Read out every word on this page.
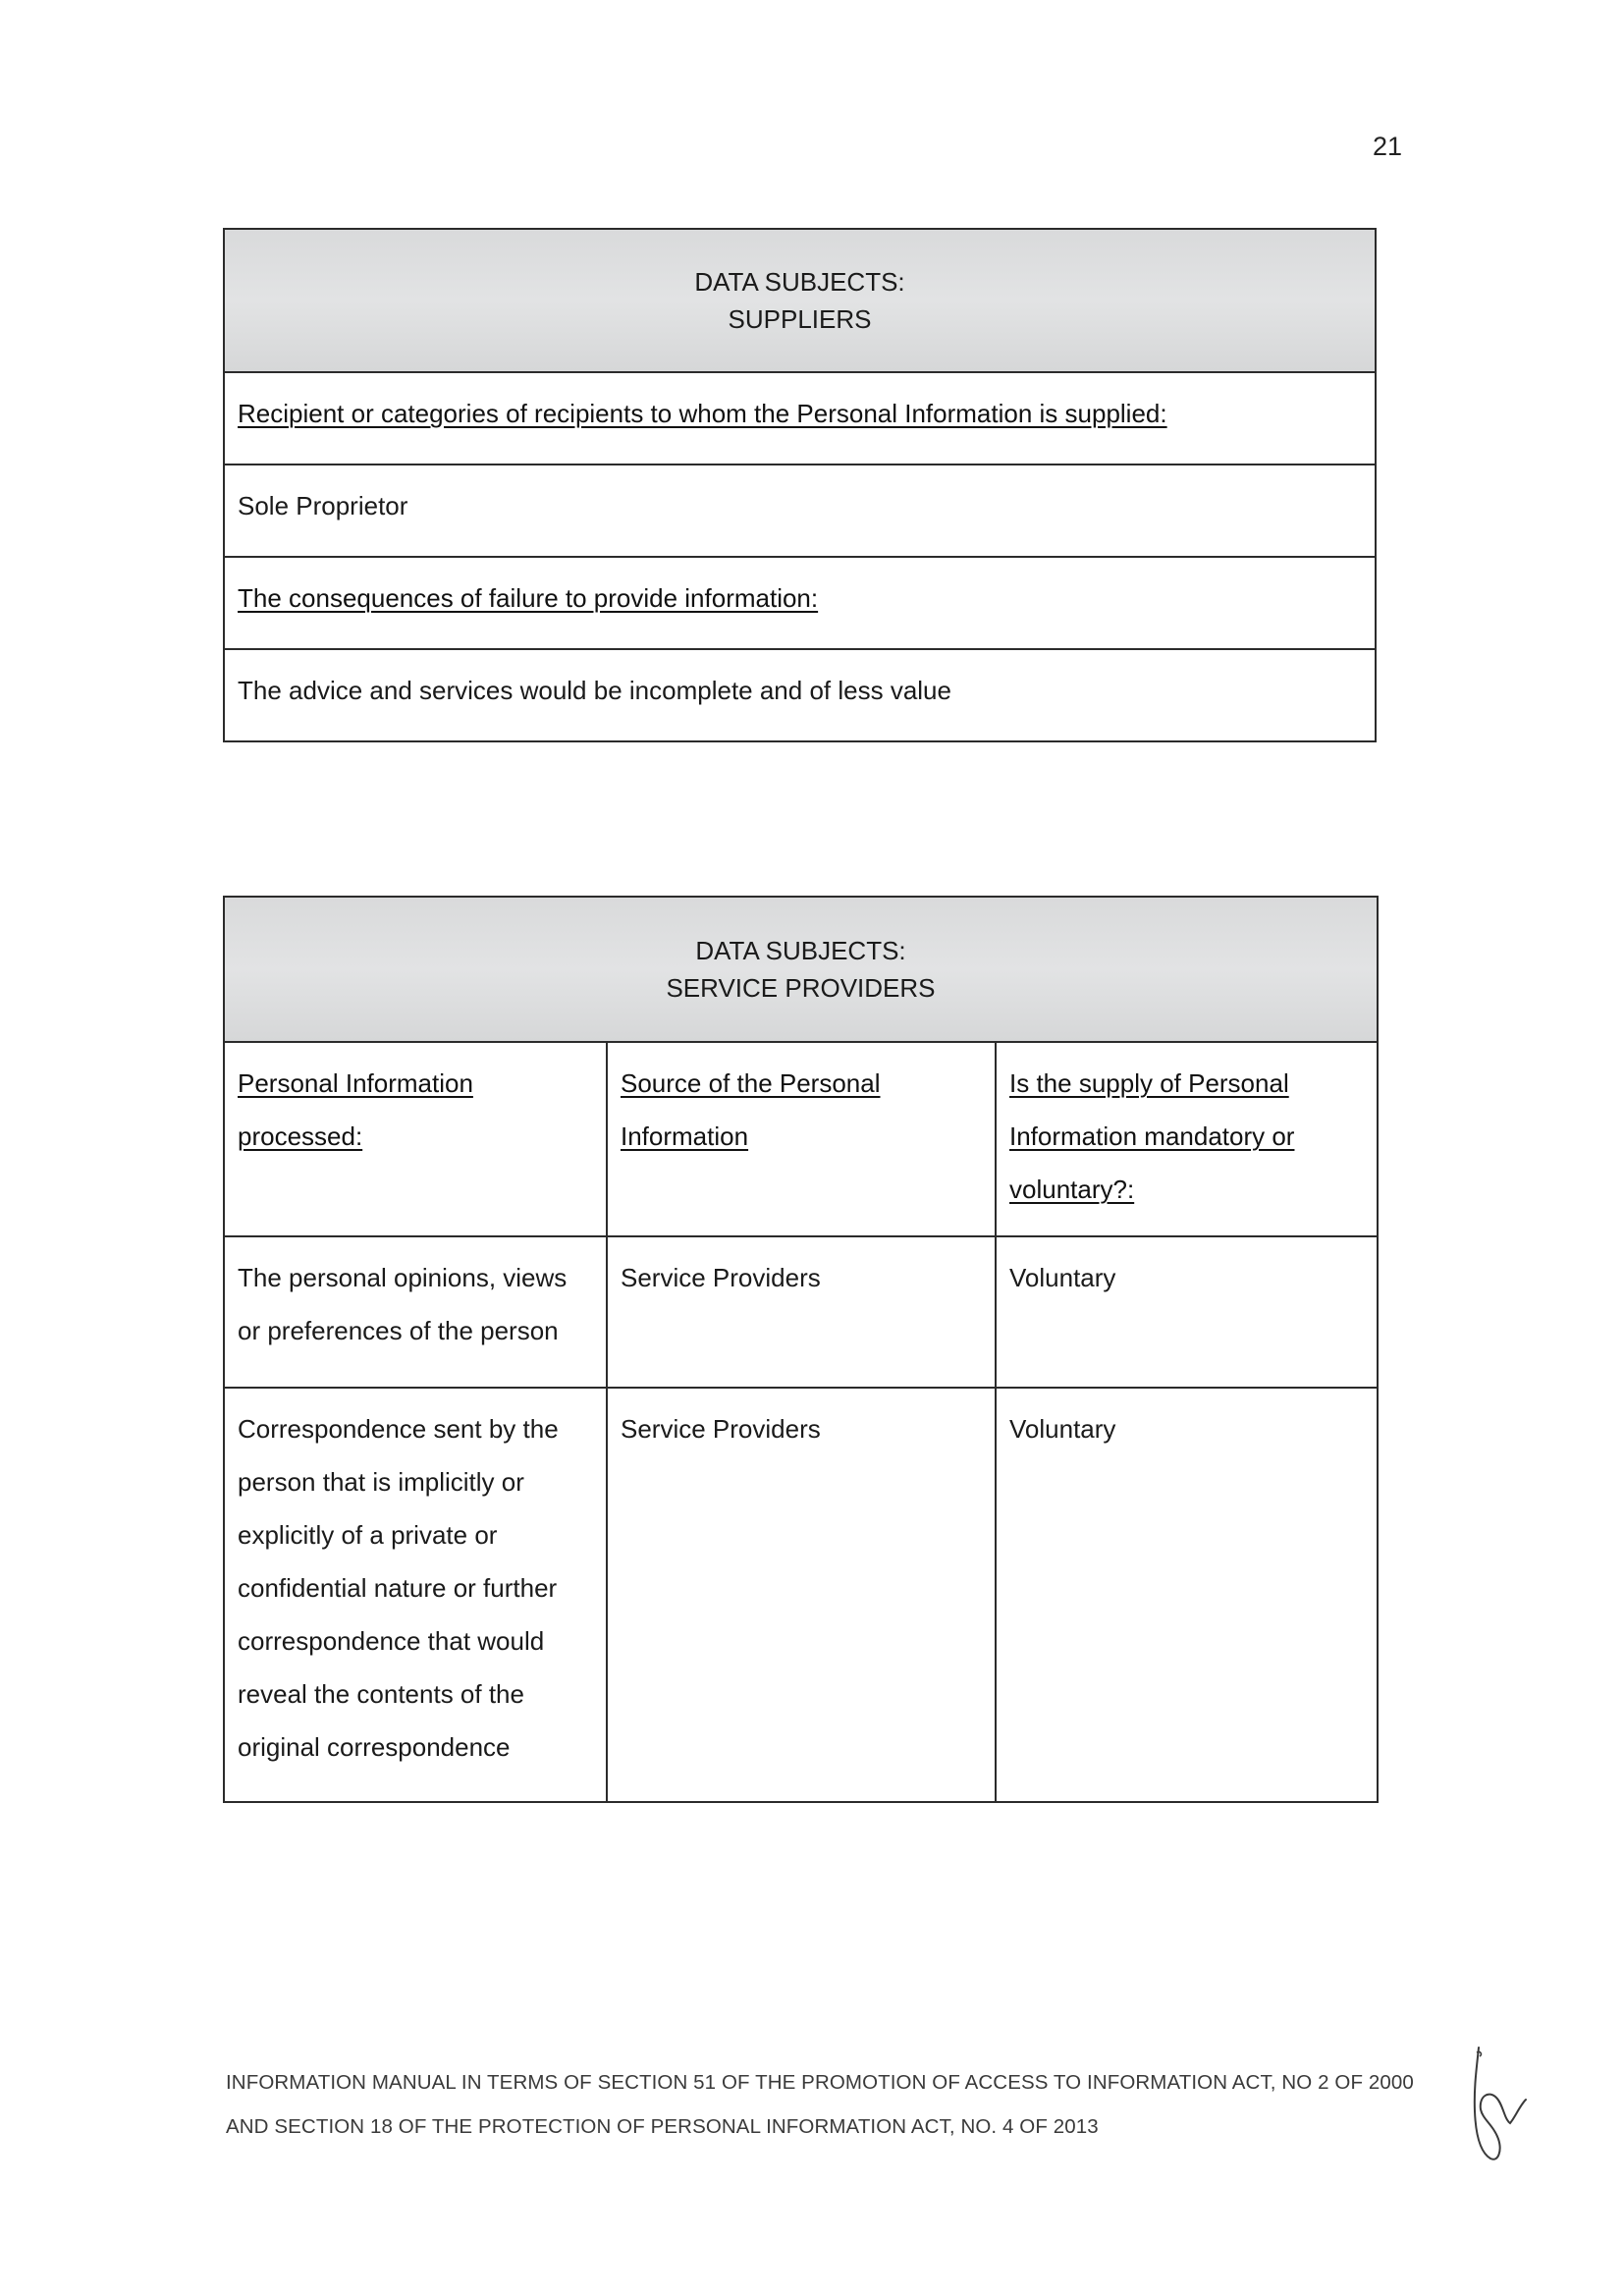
21
DATA SUBJECTS:
SUPPLIERS

Recipient or categories of recipients to whom the Personal Information is supplied:
Sole Proprietor
The consequences of failure to provide information:
The advice and services would be incomplete and of less value
DATA SUBJECTS:
SERVICE PROVIDERS		

Personal Information processed:	Source of the Personal Information	Is the supply of Personal Information mandatory or voluntary?:
The personal opinions, views or preferences of the person	Service Providers	Voluntary
Correspondence sent by the person that is implicitly or explicitly of a private or confidential nature or further correspondence that would reveal the contents of the original correspondence	Service Providers	Voluntary
INFORMATION MANUAL IN TERMS OF SECTION 51 OF THE PROMOTION OF ACCESS TO INFORMATION ACT, NO 2 OF 2000
AND SECTION 18 OF THE PROTECTION OF PERSONAL INFORMATION ACT, NO. 4 OF 2013
